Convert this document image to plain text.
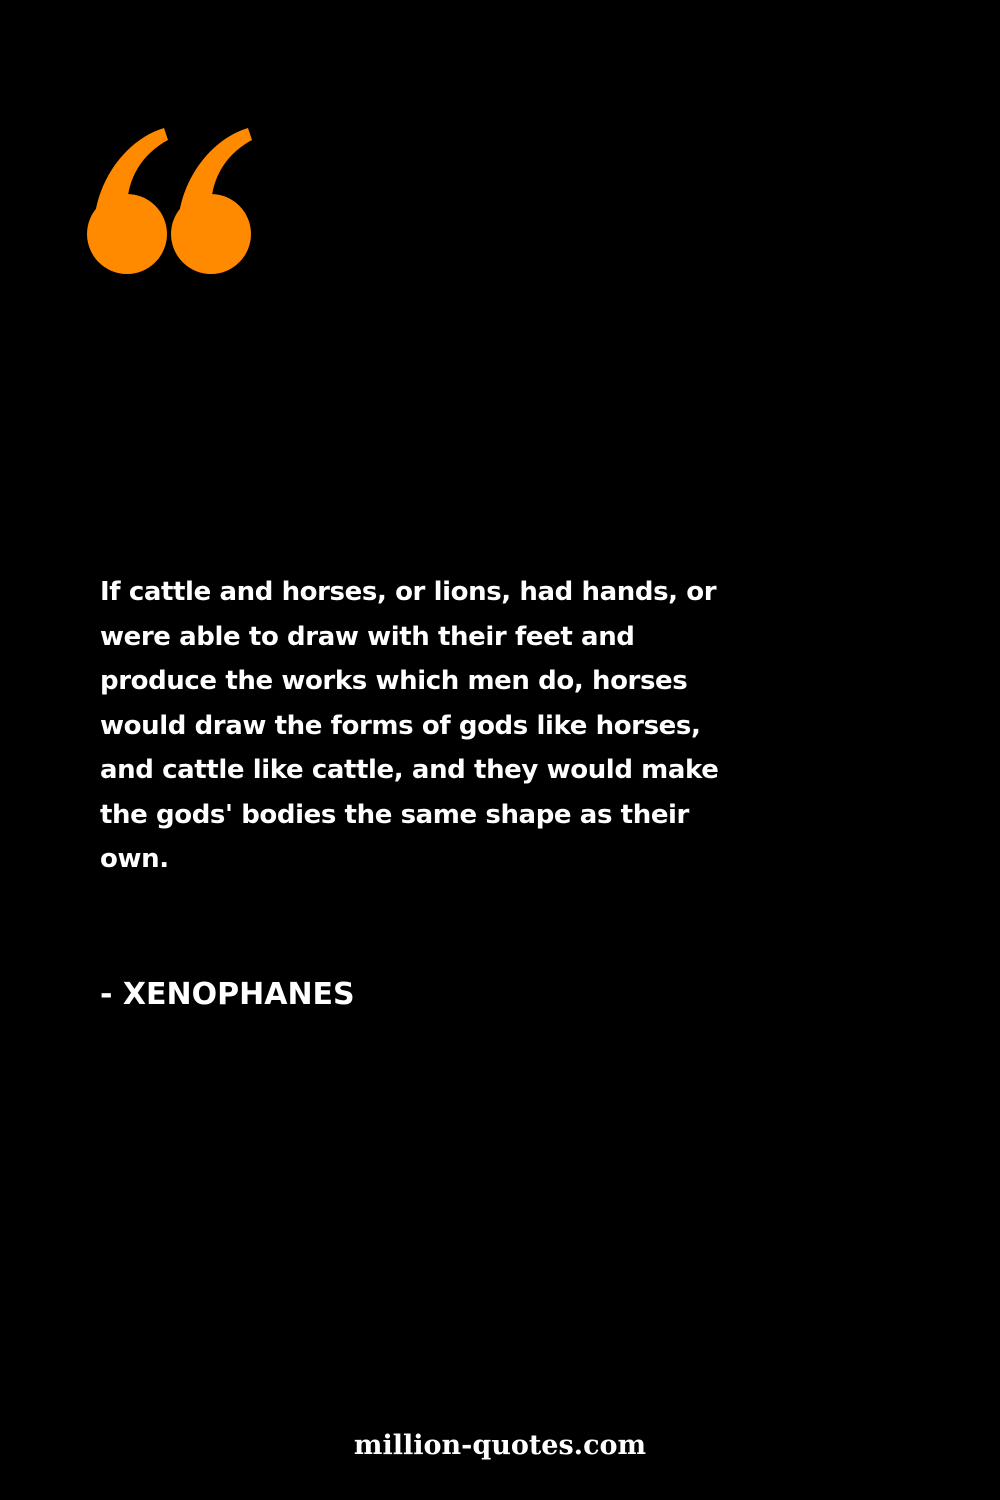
If cattle and horses, or lions, had hands, or
were able to draw with their feet and
produce the works which men do, horses
would draw the forms of gods like horses,
and cattle like cattle, and they would make
the gods' bodies the same shape as their
own.

- XENOPHANES

million-quotes.com
